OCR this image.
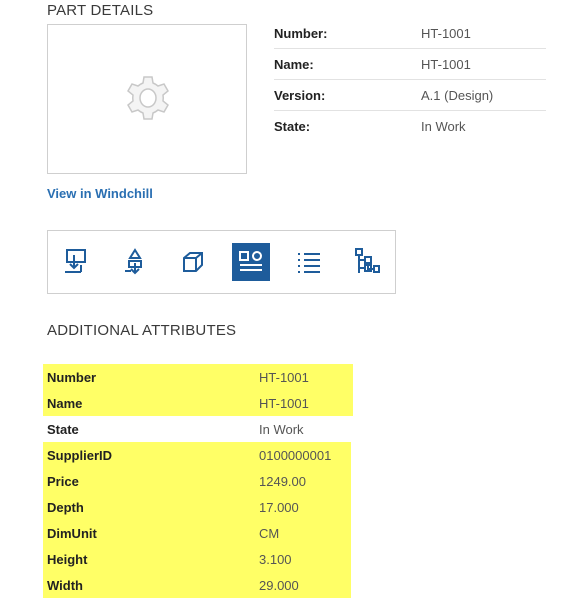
PART DETAILS
Number:	HT-1001
Name:	HT-1001
Version:	A.1 (Design)
State:	In Work
View in Windchill
ADDITIONAL ATTRIBUTES
Number	HT-1001
Name	HT-1001
State	In Work
SupplierID	0100000001
Price	1249.00
Depth	17.000
DimUnit	CM
Height	3.100
Width	29.000
